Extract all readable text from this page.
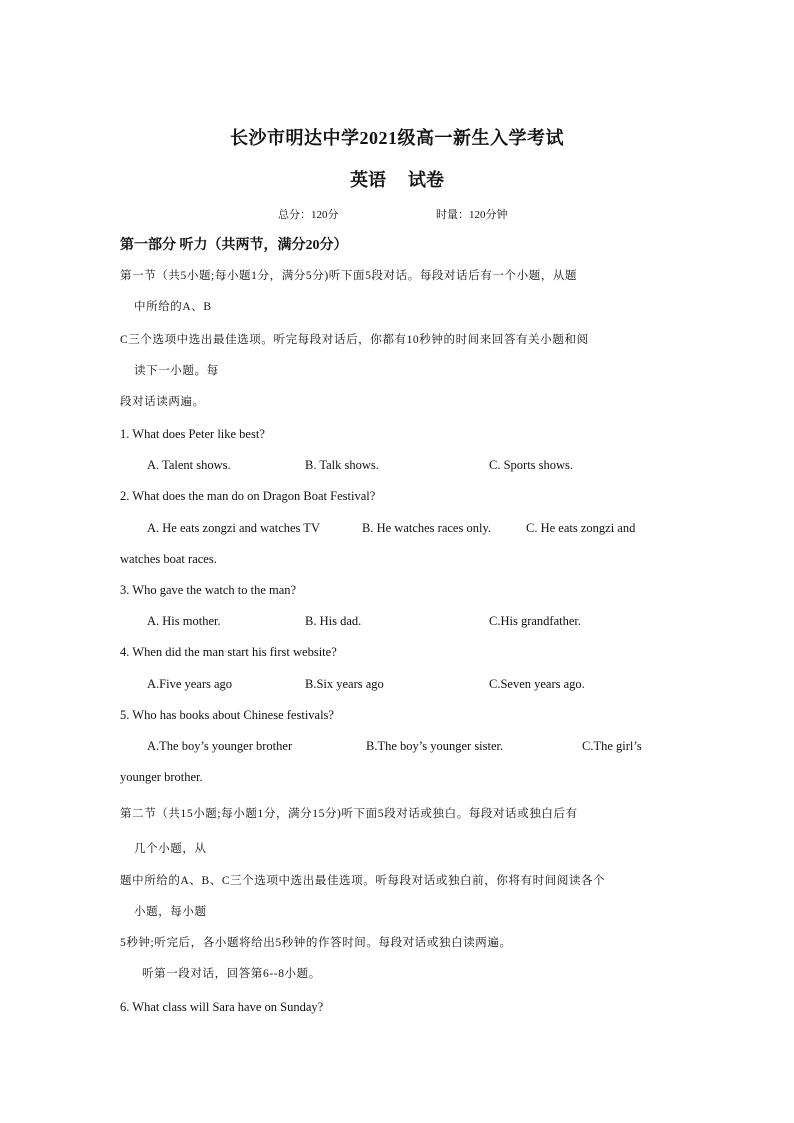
长沙市明达中学2021级高一新生入学考试
英语 试卷
总分：120分	时量：120分钟
第一部分 听力（共两节，满分20分）
第一节（共5小题;每小题1分，满分5分)听下面5段对话。每段对话后有一个小题，从题
中所给的A、B
C三个选项中选出最佳选项。听完每段对话后，你都有10秒钟的时间来回答有关小题和阅
读下一小题。每
段对话读两遍。
1. What does Peter like best?
A. Talent shows.	B. Talk shows.	C. Sports shows.
2. What does the man do on Dragon Boat Festival?
A. He eats zongzi and watches TV	B. He watches races only.	C. He eats zongzi and
watches boat races.
3. Who gave the watch to the man?
A. His mother.	B. His dad.	C.His grandfather.
4. When did the man start his first website?
A.Five years ago	B.Six years ago	C.Seven years ago.
5. Who has books about Chinese festivals?
A.The boy’s younger brother	B.The boy’s younger sister.	C.The girl’s
younger brother.
第二节（共15小题;每小题1分，满分15分)听下面5段对话或独白。每段对话或独白后有
几个小题，从
题中所给的A、B、C三个选项中选出最佳选项。听每段对话或独白前，你将有时间阅读各个
小题，每小题
5秒钟;听完后，各小题将给出5秒钟的作答时间。每段对话或独白读两遍。
听第一段对话，回答第6--8小题。
6. What class will Sara have on Sunday?
